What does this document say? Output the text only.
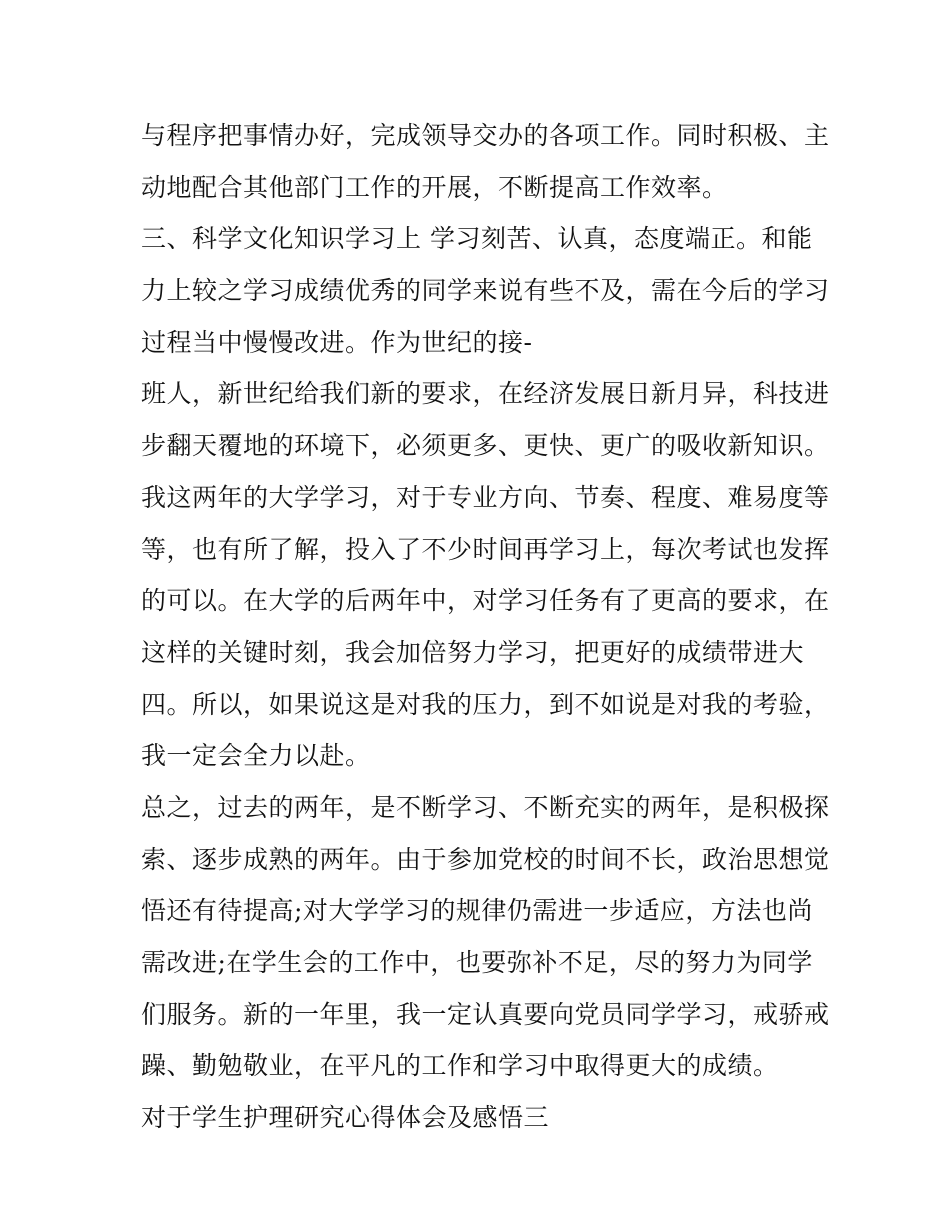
与程序把事情办好，完成领导交办的各项工作。同时积极、主
动地配合其他部门工作的开展，不断提高工作效率。
三、科学文化知识学习上 学习刻苦、认真，态度端正。和能
力上较之学习成绩优秀的同学来说有些不及，需在今后的学习
过程当中慢慢改进。作为世纪的接-
班人，新世纪给我们新的要求，在经济发展日新月异，科技进
步翻天覆地的环境下，必须更多、更快、更广的吸收新知识。
我这两年的大学学习，对于专业方向、节奏、程度、难易度等
等，也有所了解，投入了不少时间再学习上，每次考试也发挥
的可以。在大学的后两年中，对学习任务有了更高的要求，在
这样的关键时刻，我会加倍努力学习，把更好的成绩带进大
四。所以，如果说这是对我的压力，到不如说是对我的考验，
我一定会全力以赴。
总之，过去的两年，是不断学习、不断充实的两年，是积极探
索、逐步成熟的两年。由于参加党校的时间不长，政治思想觉
悟还有待提高;对大学学习的规律仍需进一步适应，方法也尚
需改进;在学生会的工作中，也要弥补不足，尽的努力为同学
们服务。新的一年里，我一定认真要向党员同学学习，戒骄戒
躁、勤勉敬业，在平凡的工作和学习中取得更大的成绩。
对于学生护理研究心得体会及感悟三
